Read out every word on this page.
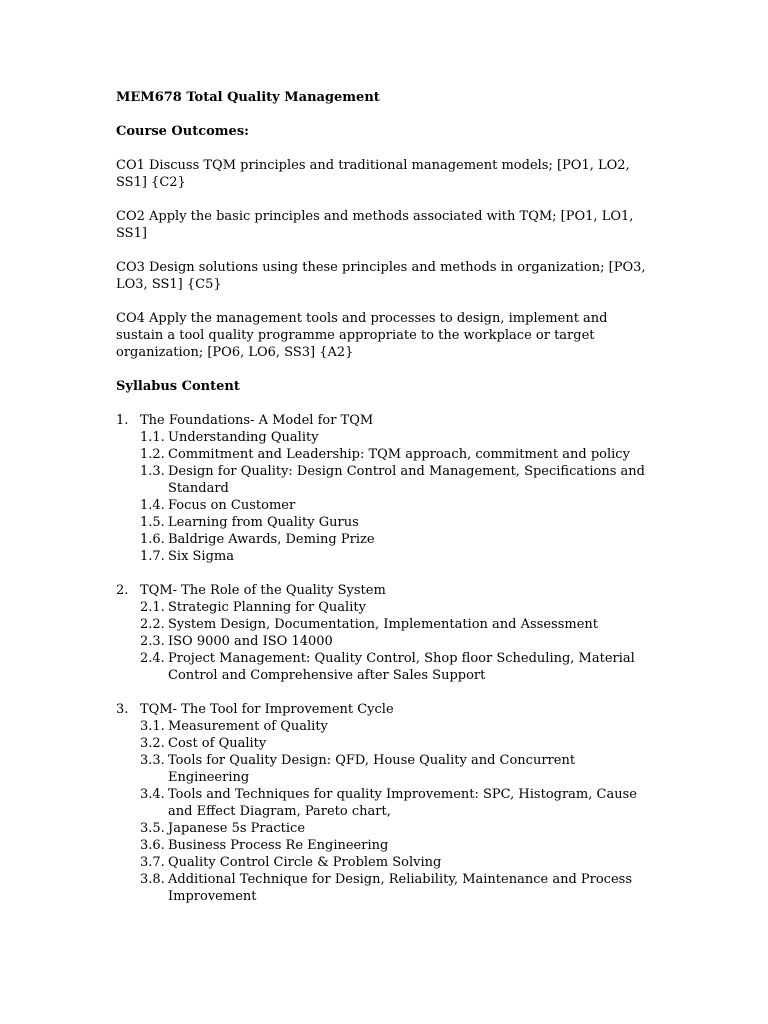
MEM678 Total Quality Management

Course Outcomes:

CO1 Discuss TQM principles and traditional management models; [PO1, LO2, SS1] {C2}

CO2 Apply the basic principles and methods associated with TQM; [PO1, LO1, SS1]

CO3 Design solutions using these principles and methods in organization; [PO3, LO3, SS1] {C5}

CO4 Apply the management tools and processes to design, implement and sustain a tool quality programme appropriate to the workplace or target organization; [PO6, LO6, SS3] {A2}

Syllabus Content

1. The Foundations- A Model for TQM
1.1. Understanding Quality
1.2. Commitment and Leadership: TQM approach, commitment and policy
1.3. Design for Quality: Design Control and Management, Specifications and Standard
1.4. Focus on Customer
1.5. Learning from Quality Gurus
1.6. Baldrige Awards, Deming Prize
1.7. Six Sigma
2. TQM- The Role of the Quality System
2.1. Strategic Planning for Quality
2.2. System Design, Documentation, Implementation and Assessment
2.3. ISO 9000 and ISO 14000
2.4. Project Management: Quality Control, Shop floor Scheduling, Material Control and Comprehensive after Sales Support
3. TQM- The Tool for Improvement Cycle
3.1. Measurement of Quality
3.2. Cost of Quality
3.3. Tools for Quality Design: QFD, House Quality and Concurrent Engineering
3.4. Tools and Techniques for quality Improvement: SPC, Histogram, Cause and Effect Diagram, Pareto chart,
3.5. Japanese 5s Practice
3.6. Business Process Re Engineering
3.7. Quality Control Circle & Problem Solving
3.8. Additional Technique for Design, Reliability, Maintenance and Process Improvement
